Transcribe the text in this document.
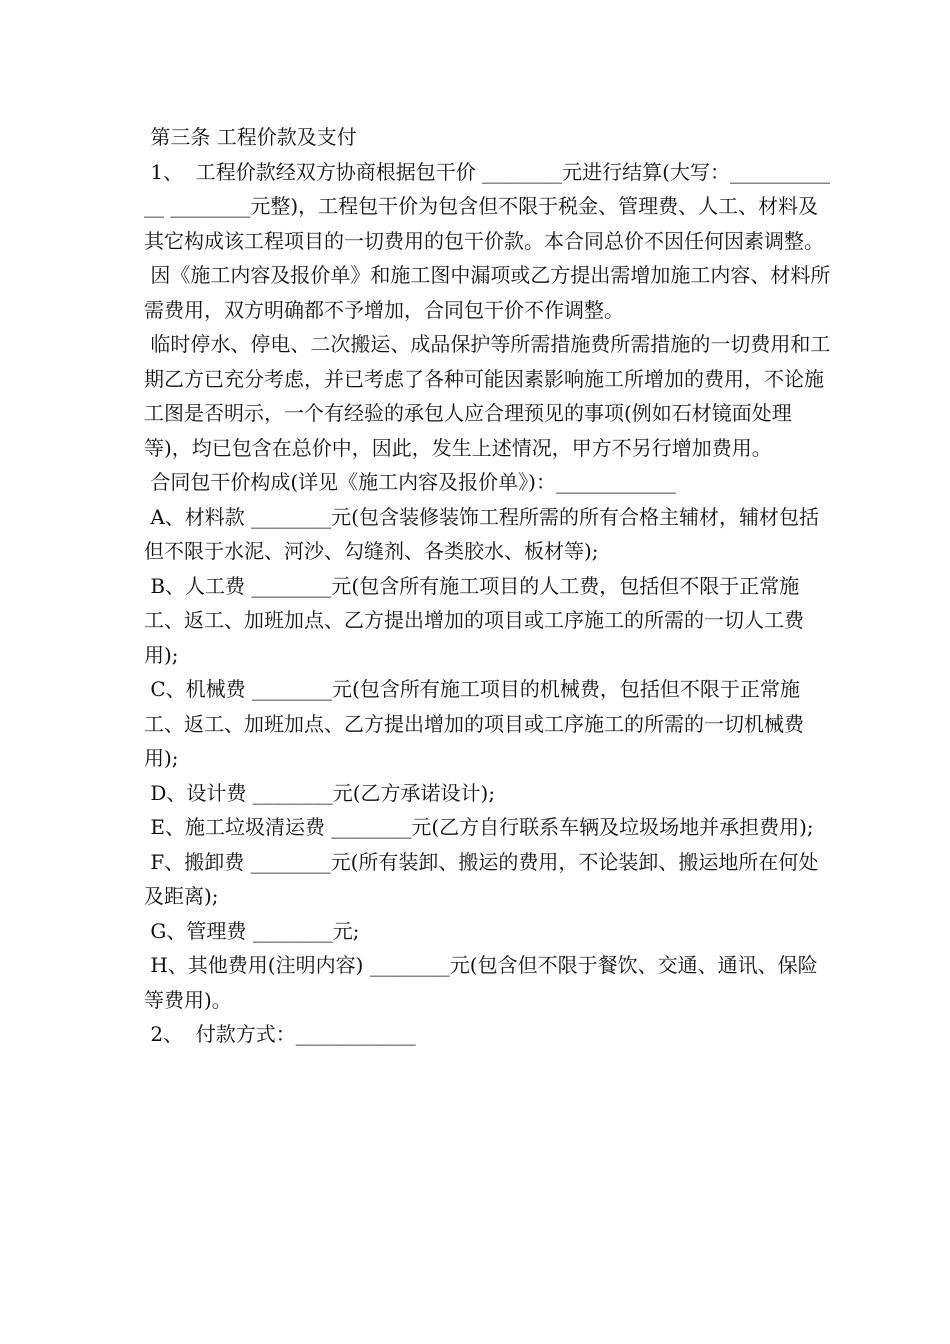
第三条 工程价款及支付

1、  工程价款经双方协商根据包干价 ________元进行结算(大写：____________ ________元整)，工程包干价为包含但不限于税金、管理费、人工、材料及其它构成该工程项目的一切费用的包干价款。本合同总价不因任何因素调整。

因《施工内容及报价单》和施工图中漏项或乙方提出需增加施工内容、材料所需费用，双方明确都不予增加，合同包干价不作调整。

临时停水、停电、二次搬运、成品保护等所需措施费所需措施的一切费用和工期乙方已充分考虑，并已考虑了各种可能因素影响施工所增加的费用，不论施工图是否明示，一个有经验的承包人应合理预见的事项(例如石材镜面处理等)，均已包含在总价中，因此，发生上述情况，甲方不另行增加费用。

合同包干价构成(详见《施工内容及报价单》)：____________

A、材料款 ________元(包含装修装饰工程所需的所有合格主辅材，辅材包括但不限于水泥、河沙、勾缝剂、各类胶水、板材等);

B、人工费 ________元(包含所有施工项目的人工费，包括但不限于正常施工、返工、加班加点、乙方提出增加的项目或工序施工的所需的一切人工费用);

C、机械费 ________元(包含所有施工项目的机械费，包括但不限于正常施工、返工、加班加点、乙方提出增加的项目或工序施工的所需的一切机械费用);

D、设计费 ________元(乙方承诺设计);

E、施工垃圾清运费 ________元(乙方自行联系车辆及垃圾场地并承担费用);

F、搬卸费 ________元(所有装卸、搬运的费用，不论装卸、搬运地所在何处及距离);

G、管理费 ________元;

H、其他费用(注明内容) ________元(包含但不限于餐饮、交通、通讯、保险等费用)。

2、  付款方式：____________
